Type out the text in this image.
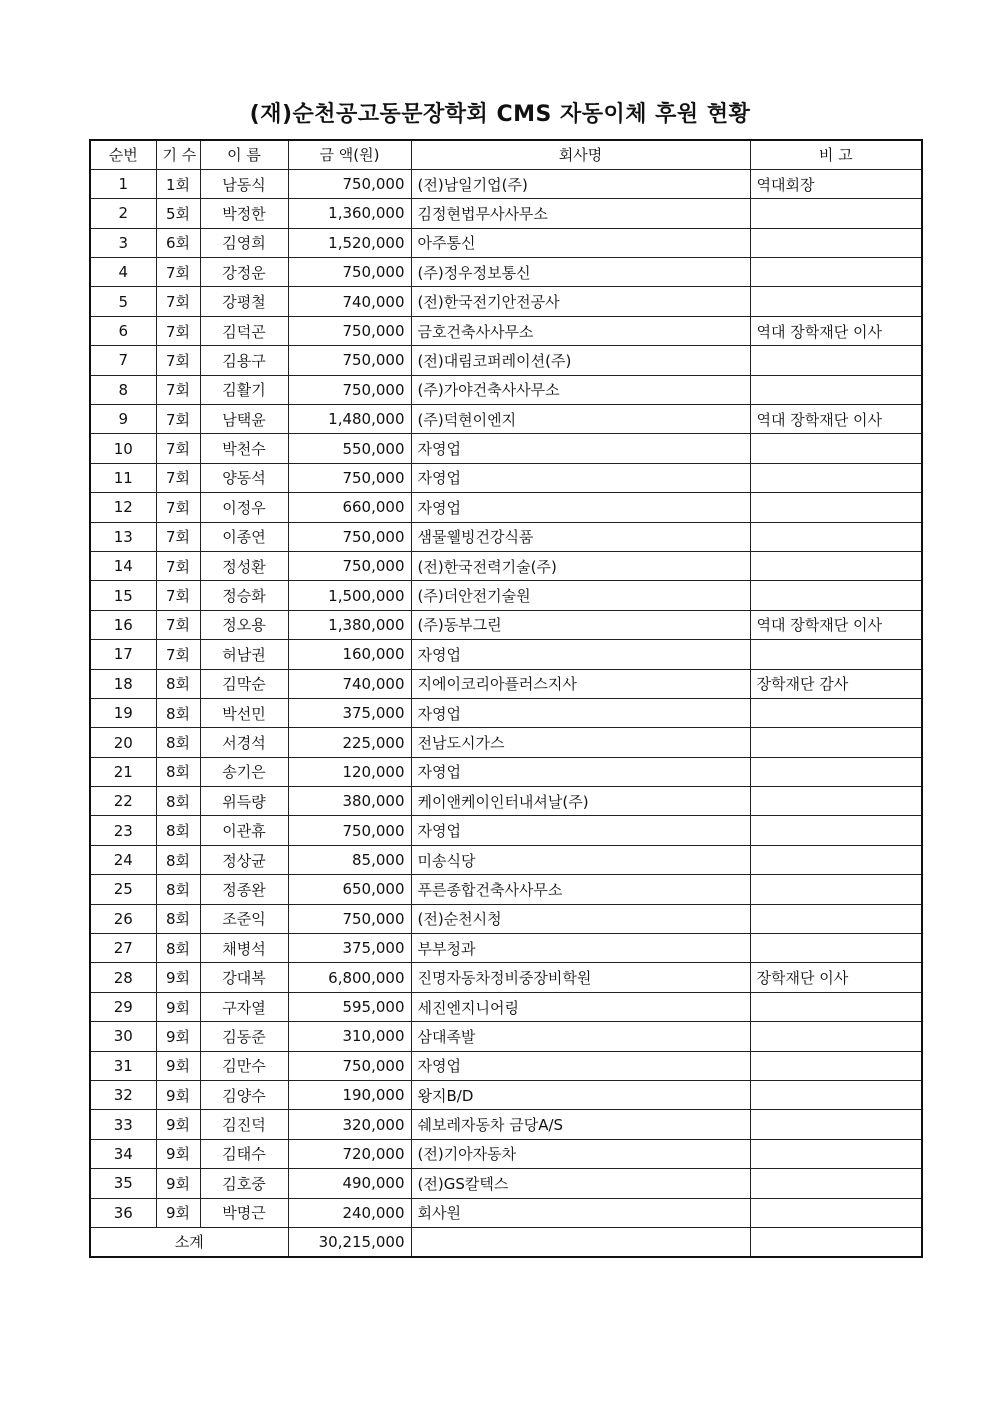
(재)순천공고동문장학회 CMS 자동이체 후원 현황
순번	기 수	이 름	금 액(원)	회사명	비 고
1	1회	남동식	750,000	(전)남일기업(주)	역대회장
2	5회	박정한	1,360,000	김정현법무사사무소	
3	6회	김영희	1,520,000	아주통신	
4	7회	강정운	750,000	(주)정우정보통신	
5	7회	강평철	740,000	(전)한국전기안전공사	
6	7회	김덕곤	750,000	금호건축사사무소	역대 장학재단 이사
7	7회	김용구	750,000	(전)대림코퍼레이션(주)	
8	7회	김활기	750,000	(주)가야건축사사무소	
9	7회	남택윤	1,480,000	(주)덕현이엔지	역대 장학재단 이사
10	7회	박천수	550,000	자영업	
11	7회	양동석	750,000	자영업	
12	7회	이정우	660,000	자영업	
13	7회	이종연	750,000	샘물웰빙건강식품	
14	7회	정성환	750,000	(전)한국전력기술(주)	
15	7회	정승화	1,500,000	(주)더안전기술원	
16	7회	정오용	1,380,000	(주)동부그린	역대 장학재단 이사
17	7회	허남권	160,000	자영업	
18	8회	김막순	740,000	지에이코리아플러스지사	장학재단 감사
19	8회	박선민	375,000	자영업	
20	8회	서경석	225,000	전남도시가스	
21	8회	송기은	120,000	자영업	
22	8회	위득량	380,000	케이앤케이인터내셔날(주)	
23	8회	이관휴	750,000	자영업	
24	8회	정상균	85,000	미송식당	
25	8회	정종완	650,000	푸른종합건축사사무소	
26	8회	조준익	750,000	(전)순천시청	
27	8회	채병석	375,000	부부청과	
28	9회	강대복	6,800,000	진명자동차정비중장비학원	장학재단 이사
29	9회	구자열	595,000	세진엔지니어링	
30	9회	김동준	310,000	삼대족발	
31	9회	김만수	750,000	자영업	
32	9회	김양수	190,000	왕지B/D	
33	9회	김진덕	320,000	쉐보레자동차 금당A/S	
34	9회	김태수	720,000	(전)기아자동차	
35	9회	김호중	490,000	(전)GS칼텍스	
36	9회	박명근	240,000	회사원	
소계			30,215,000		
